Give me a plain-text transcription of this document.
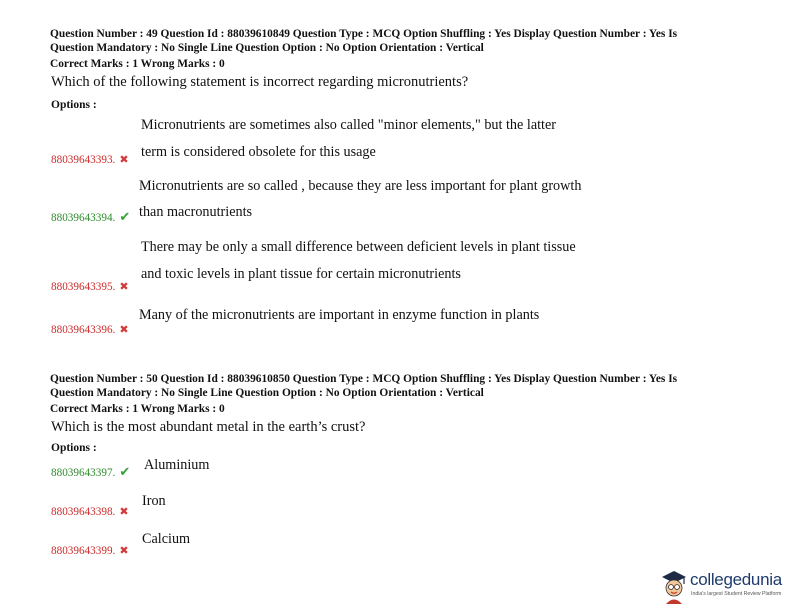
Question Number : 49 Question Id : 88039610849 Question Type : MCQ Option Shuffling : Yes Display Question Number : Yes Is
Question Mandatory : No Single Line Question Option : No Option Orientation : Vertical
Correct Marks : 1 Wrong Marks : 0
Which of the following statement is incorrect regarding micronutrients?
Options :
Micronutrients are sometimes also called "minor elements," but the latter
88039643393. ✖ term is considered obsolete for this usage
Micronutrients are so called , because they are less important for plant growth
88039643394. ✔ than macronutrients
There may be only a small difference between deficient levels in plant tissue
88039643395. ✖
and toxic levels in plant tissue for certain micronutrients
88039643396. ✖
Many of the micronutrients are important in enzyme function in plants
Question Number : 50 Question Id : 88039610850 Question Type : MCQ Option Shuffling : Yes Display Question Number : Yes Is
Question Mandatory : No Single Line Question Option : No Option Orientation : Vertical
Correct Marks : 1 Wrong Marks : 0
Which is the most abundant metal in the earth’s crust?
Options :
88039643397. ✔ Aluminium
88039643398. ✖
Iron
88039643399. ✖
Calcium
collegedunia
India's largest Student Review Platform
